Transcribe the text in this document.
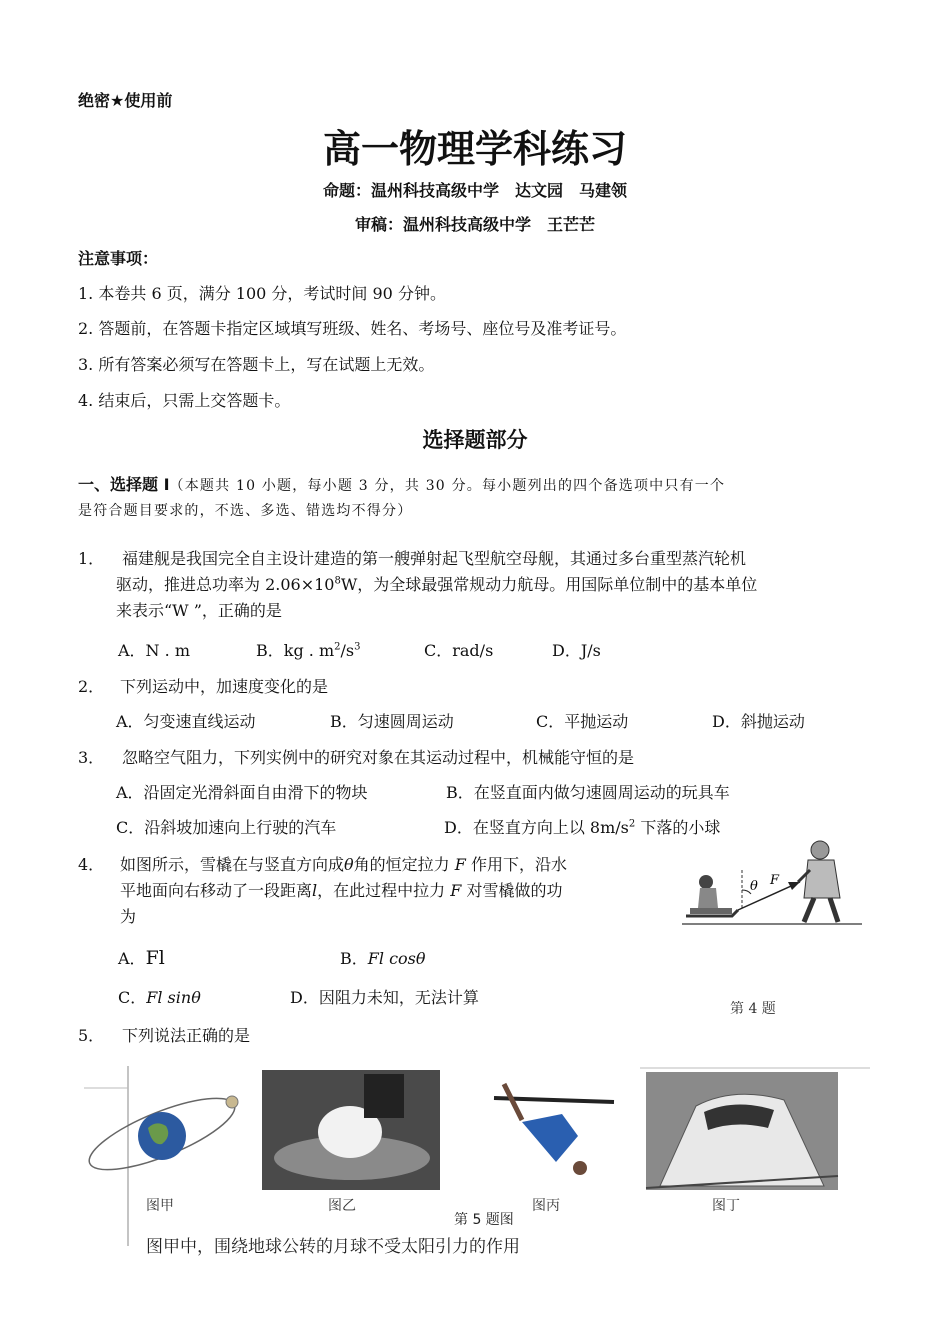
绝密★使用前
高一物理学科练习
命题：温州科技高级中学　达文园　马建领
审稿：温州科技高级中学　王芒芒
注意事项：
1. 本卷共 6 页，满分 100 分，考试时间 90 分钟。
2. 答题前，在答题卡指定区域填写班级、姓名、考场号、座位号及准考证号。
3. 所有答案必须写在答题卡上，写在试题上无效。
4. 结束后，只需上交答题卡。
选择题部分
一、选择题 Ⅰ（本题共 10 小题，每小题 3 分，共 30 分。每小题列出的四个备选项中只有一个
是符合题目要求的，不选、多选、错选均不得分）
1． 福建舰是我国完全自主设计建造的第一艘弹射起飞型航空母舰，其通过多台重型蒸汽轮机
驱动，推进总功率为 $2.06\times 10^8W$，为全球最强常规动力航母。用国际单位制中的基本单位
来表示“W ”，正确的是
A．N . m	B．kg . $m^2/s^3$	C．rad/s	D．J/s
2． 下列运动中，加速度变化的是
A．匀变速直线运动	B．匀速圆周运动	C．平抛运动	D．斜抛运动
3． 忽略空气阻力，下列实例中的研究对象在其运动过程中，机械能守恒的是
A．沿固定光滑斜面自由滑下的物块	B．在竖直面内做匀速圆周运动的玩具车
C．沿斜坡加速向上行驶的汽车	D．在竖直方向上以 $8m/s^2$ 下落的小球
4． 如图所示，雪橇在与竖直方向成θ角的恒定拉力 F 作用下，沿水
平地面向右移动了一段距离l，在此过程中拉力 F 对雪橇做的功
为
A．Fl	B．Fl cosθ
C．Fl sinθ	D．因阻力未知，无法计算
θ F
第 4 题
5． 下列说法正确的是
图甲	图乙	图丙	图丁
第 5 题图
图甲中，围绕地球公转的月球不受太阳引力的作用
